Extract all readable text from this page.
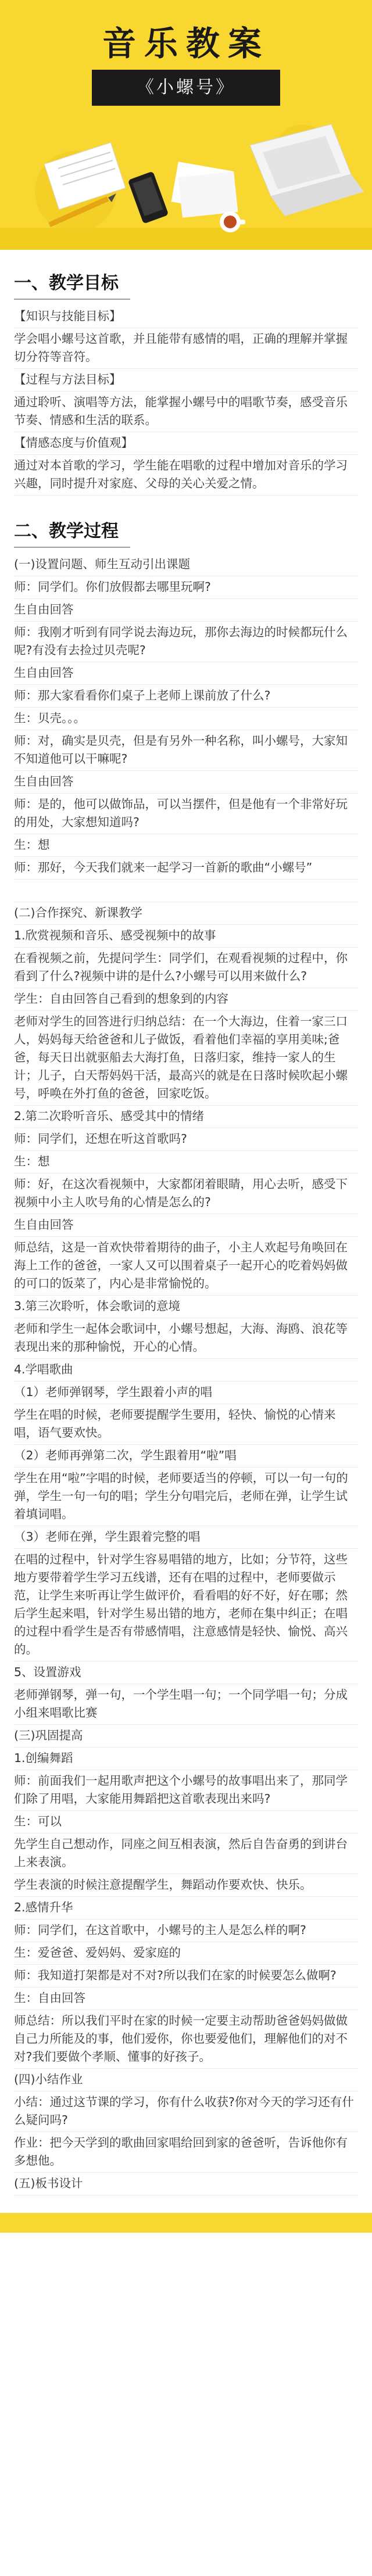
音乐教案
《小螺号》
一、教学目标

【知识与技能目标】

学会唱小螺号这首歌，并且能带有感情的唱，正确的理解并掌握切分符等音符。

【过程与方法目标】

通过聆听、演唱等方法，能掌握小螺号中的唱歌节奏，感受音乐节奏、情感和生活的联系。

【情感态度与价值观】

通过对本首歌的学习，学生能在唱歌的过程中增加对音乐的学习兴趣，同时提升对家庭、父母的关心关爱之情。

二、教学过程

(一)设置问题、师生互动引出课题

师：同学们。你们放假都去哪里玩啊?

生自由回答

师：我刚才听到有同学说去海边玩，那你去海边的时候都玩什么呢?有没有去捡过贝壳呢?

生自由回答

师：那大家看看你们桌子上老师上课前放了什么?

生：贝壳。。。

师：对，确实是贝壳，但是有另外一种名称，叫小螺号，大家知不知道他可以干嘛呢?

生自由回答

师：是的，他可以做饰品，可以当摆件，但是他有一个非常好玩的用处，大家想知道吗?

生：想

师：那好，今天我们就来一起学习一首新的歌曲“小螺号”

(二)合作探究、新课教学

1.欣赏视频和音乐、感受视频中的故事

在看视频之前，先提问学生：同学们，在观看视频的过程中，你看到了什么?视频中讲的是什么?小螺号可以用来做什么?

学生：自由回答自己看到的想象到的内容

老师对学生的回答进行归纳总结：在一个大海边，住着一家三口人，妈妈每天给爸爸和儿子做饭，看着他们幸福的享用美味;爸爸，每天日出就驱船去大海打鱼，日落归家，维持一家人的生计；儿子，白天帮妈妈干活，最高兴的就是在日落时候吹起小螺号，呼唤在外打鱼的爸爸，回家吃饭。

2.第二次聆听音乐、感受其中的情绪

师：同学们，还想在听这首歌吗?

生：想

师：好，在这次看视频中，大家都闭着眼睛，用心去听，感受下视频中小主人吹号角的心情是怎么的?

生自由回答

师总结，这是一首欢快带着期待的曲子，小主人欢起号角唤回在海上工作的爸爸，一家人又可以围着桌子一起开心的吃着妈妈做的可口的饭菜了，内心是非常愉悦的。

3.第三次聆听，体会歌词的意境

老师和学生一起体会歌词中，小螺号想起，大海、海鸥、浪花等表现出来的那种愉悦，开心的心情。

4.学唱歌曲

（1）老师弹钢琴，学生跟着小声的唱

学生在唱的时候，老师要提醒学生要用，轻快、愉悦的心情来唱，语气要欢快。

（2）老师再弹第二次，学生跟着用“啦”唱

学生在用“啦”字唱的时候，老师要适当的停顿，可以一句一句的弹，学生一句一句的唱；学生分句唱完后，老师在弹，让学生试着填词唱。

（3）老师在弹，学生跟着完整的唱

在唱的过程中，针对学生容易唱错的地方，比如；分节符，这些地方要带着学生学习五线谱，还有在唱的过程中，老师要做示范，让学生来听再让学生做评价，看看唱的好不好，好在哪；然后学生起来唱，针对学生易出错的地方，老师在集中纠正；在唱的过程中看学生是否有带感情唱，注意感情是轻快、愉悦、高兴的。

5、设置游戏

老师弹钢琴，弹一句，一个学生唱一句；一个同学唱一句；分成小组来唱歌比赛

(三)巩固提高

1.创编舞蹈

师：前面我们一起用歌声把这个小螺号的故事唱出来了，那同学们除了用唱，大家能用舞蹈把这首歌表现出来吗?

生：可以

先学生自己想动作，同座之间互相表演，然后自告奋勇的到讲台上来表演。

学生表演的时候注意提醒学生，舞蹈动作要欢快、快乐。

2.感情升华

师：同学们，在这首歌中，小螺号的主人是怎么样的啊?

生：爱爸爸、爱妈妈、爱家庭的

师：我知道打架都是对不对?所以我们在家的时候要怎么做啊?

生：自由回答

师总结：所以我们平时在家的时候一定要主动帮助爸爸妈妈做做自己力所能及的事，他们爱你，你也要爱他们，理解他们的对不对?我们要做个孝顺、懂事的好孩子。

(四)小结作业

小结：通过这节课的学习，你有什么收获?你对今天的学习还有什么疑问吗?

作业：把今天学到的歌曲回家唱给回到家的爸爸听，告诉他你有多想他。

(五)板书设计
